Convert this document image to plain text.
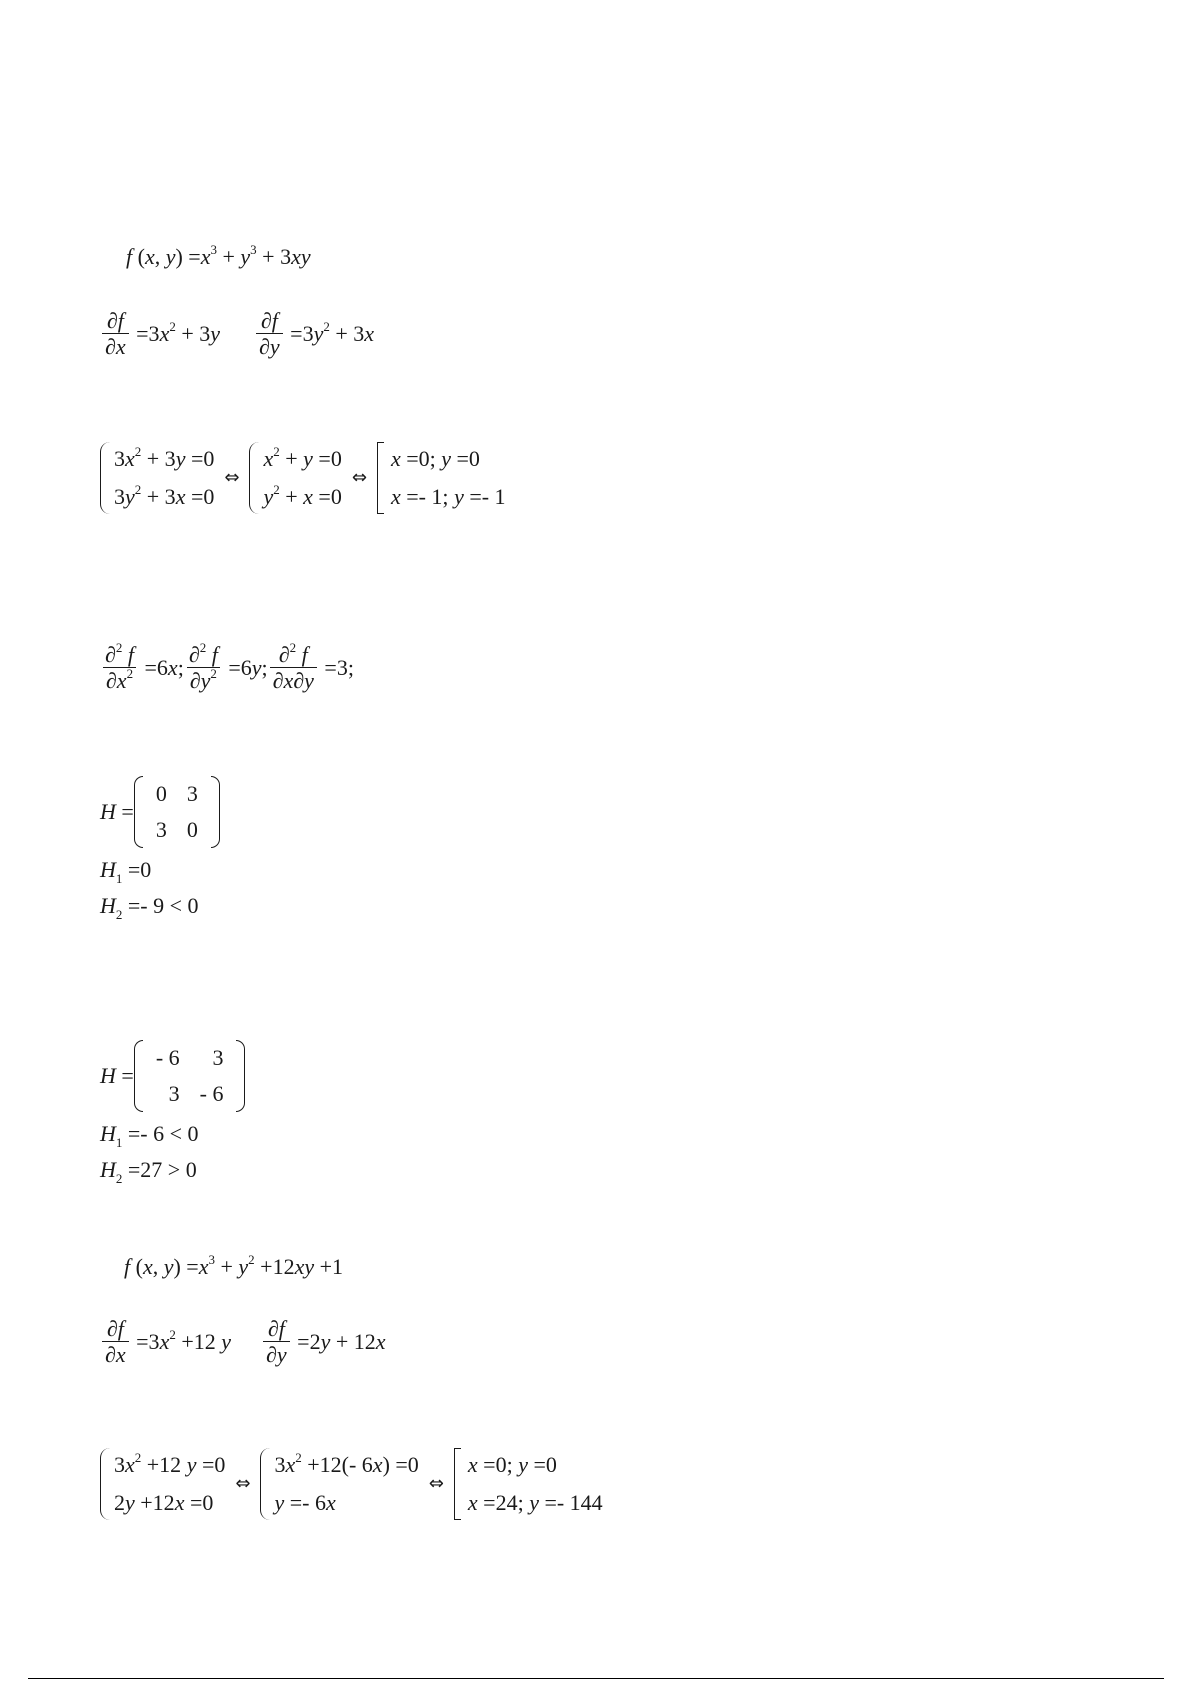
f (x, $y) =x^3 + y^3 + 3xy$
$\frac{\partial f}{\partial x} =3x^2 + 3y \frac{\partial f}{\partial y} =3y^2 + 3x$
$3x^2 + 3y =0$
$3y^2 + 3x =0$
⇔
$x^2 + y =0$
$y^2 + x =0$
⇔
x =0; y =0
x =- 1; y =- 1
$\frac{\partial^2 f}{\partial x^2} =6x$; $\frac{\partial^2 f}{\partial y^2} =6y$; $\frac{\partial^2 f}{\partial x\partial y} =3$;
H =
0	3
3	0
$H_1 =0$
$H_2 =- 9 < 0$
H =
- 6	3
3	- 6
$H_1 =- 6 < 0$
$H_2 =27 > 0$
f (x, $y) =x^3 + y^2 +12xy +1$
$\frac{\partial f}{\partial x} =3x^2 +12$ y $\frac{\partial f}{\partial y} =2y + 12x$
$3x^2 +12$ y =0
2y +12x =0
⇔
$3x^2 +12(-$ 6x) =0
y =- 6x
⇔
x =0; y =0
x =24; y =- 144
